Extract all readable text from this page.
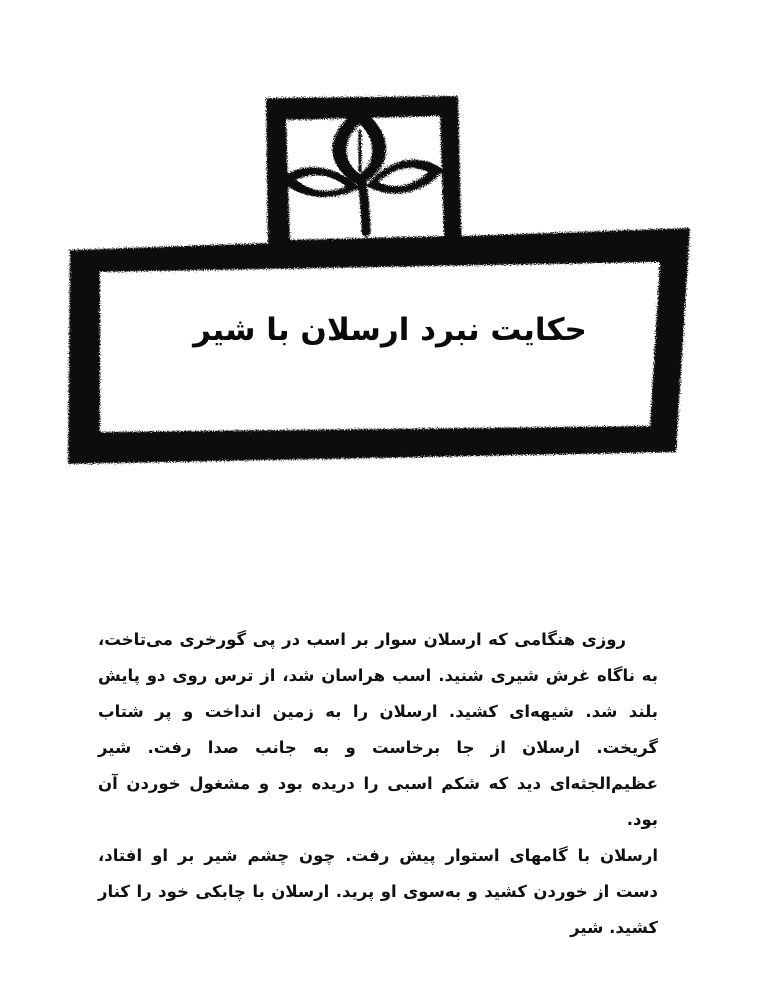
حکایت نبرد ارسلان با شیر

روزی هنگامی که ارسلان سوار بر اسب در پی گورخری می‌تاخت، به ناگاه غرش شیری شنید. اسب هراسان شد، از ترس روی دو پایش بلند شد. شیهه‌ای کشید. ارسلان را به زمین انداخت و پر شتاب گریخت. ارسلان از جا برخاست و به جانب صدا رفت. شیر عظیم‌الجثه‌ای دید که شکم اسبی را دریده بود و مشغول خوردن آن بود.

ارسلان با گامهای استوار پیش رفت. چون چشم شیر بر او افتاد، دست از خوردن کشید و به‌سوی او پرید. ارسلان با چابکی خود را کنار کشید. شیر
